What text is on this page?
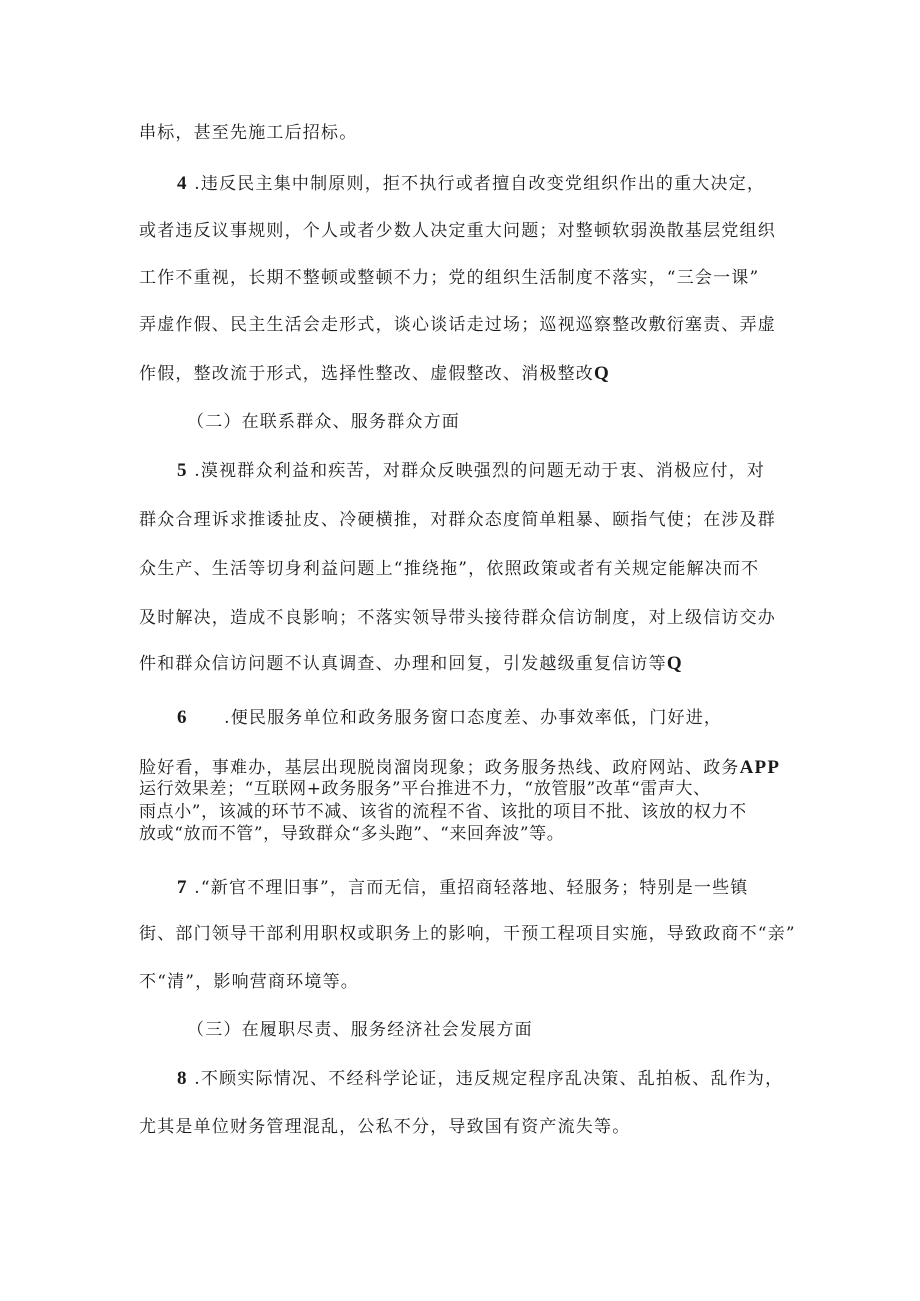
串标，甚至先施工后招标。
4 .违反民主集中制原则，拒不执行或者擅自改变党组织作出的重大决定，
或者违反议事规则，个人或者少数人决定重大问题；对整顿软弱涣散基层党组织
工作不重视，长期不整顿或整顿不力；党的组织生活制度不落实，“三会一课”
弄虚作假、民主生活会走形式，谈心谈话走过场；巡视巡察整改敷衍塞责、弄虚
作假，整改流于形式，选择性整改、虚假整改、消极整改Q
（二）在联系群众、服务群众方面
5 .漠视群众利益和疾苦，对群众反映强烈的问题无动于衷、消极应付，对
群众合理诉求推诿扯皮、冷硬横推，对群众态度简单粗暴、颐指气使；在涉及群
众生产、生活等切身利益问题上“推绕拖”，依照政策或者有关规定能解决而不
及时解决，造成不良影响；不落实领导带头接待群众信访制度，对上级信访交办
件和群众信访问题不认真调查、办理和回复，引发越级重复信访等Q
6　　.便民服务单位和政务服务窗口态度差、办事效率低，门好进，
脸好看，事难办，基层出现脱岗溜岗现象；政务服务热线、政府网站、政务APP
运行效果差；“互联网+政务服务”平台推进不力，“放管服”改革“雷声大、
雨点小”，该减的环节不减、该省的流程不省、该批的项目不批、该放的权力不
放或“放而不管”，导致群众“多头跑”、“来回奔波”等。
7 .“新官不理旧事”，言而无信，重招商轻落地、轻服务；特别是一些镇
街、部门领导干部利用职权或职务上的影响，干预工程项目实施，导致政商不“亲”
不“清”，影响营商环境等。
（三）在履职尽责、服务经济社会发展方面
8 .不顾实际情况、不经科学论证，违反规定程序乱决策、乱拍板、乱作为，
尤其是单位财务管理混乱，公私不分，导致国有资产流失等。
